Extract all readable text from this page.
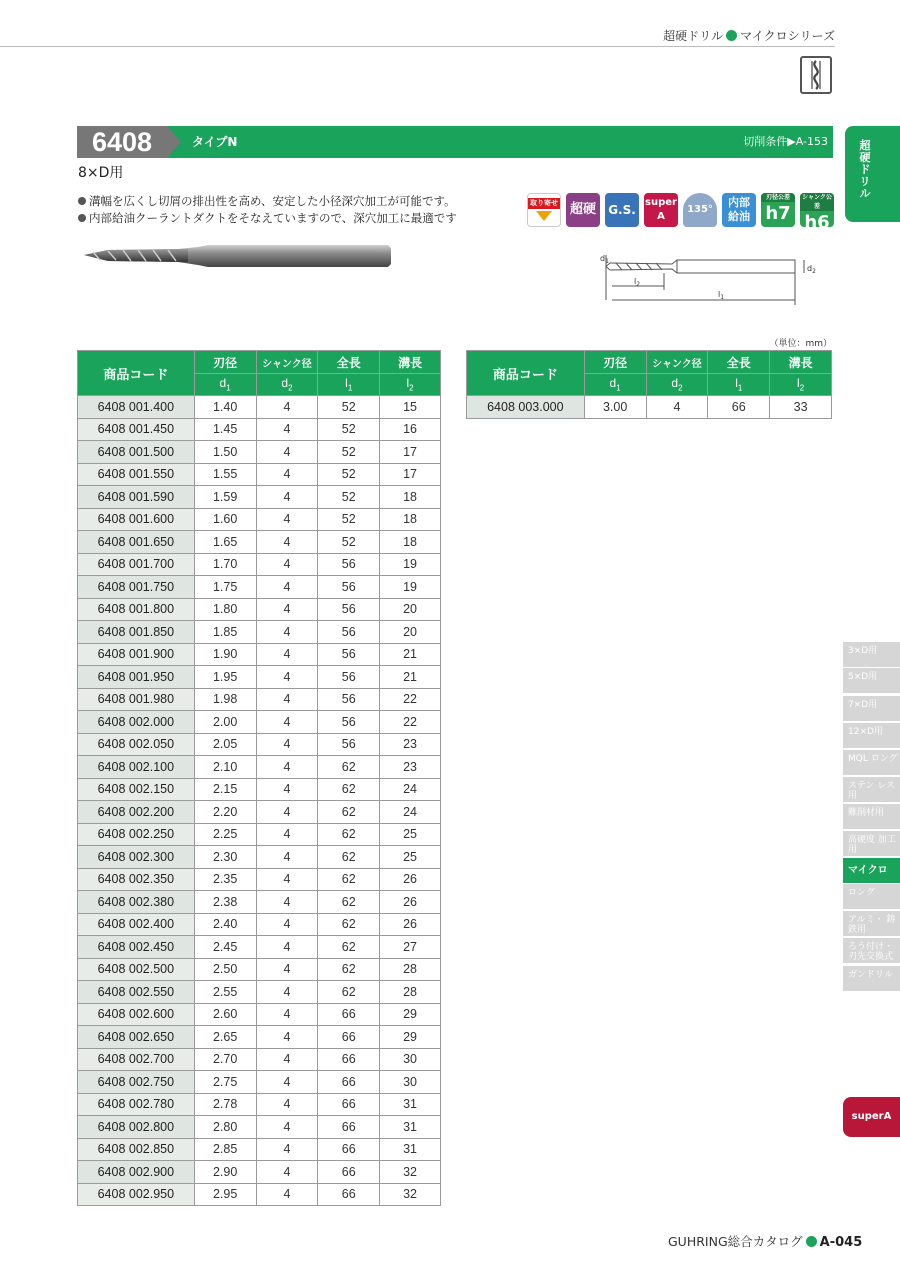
超硬ドリル マイクロシリーズ
6408	タイプN	切削条件▶A-153
8×D用
溝幅を広くし切屑の排出性を高め、安定した小径深穴加工が可能です。
内部給油クーラントダクトをそなえていますので、深穴加工に最適です
取り寄せ 超硬	G.S.
super A
135°
内部 給油
刃径公差
h7
シャンク公差
h6
$d_1$
$d_2$
$l_2$
$l_1$
（単位：mm）
商品コード	刃径	シャンク径	全長	溝長
	$d_1$	$d_2$	$l_1$	$l_2$
6408 001.400	1.40	4	52	15
6408 001.450	1.45	4	52	16
6408 001.500	1.50	4	52	17
6408 001.550	1.55	4	52	17
6408 001.590	1.59	4	52	18
6408 001.600	1.60	4	52	18
6408 001.650	1.65	4	52	18
6408 001.700	1.70	4	56	19
6408 001.750	1.75	4	56	19
6408 001.800	1.80	4	56	20
6408 001.850	1.85	4	56	20
6408 001.900	1.90	4	56	21
6408 001.950	1.95	4	56	21
6408 001.980	1.98	4	56	22
6408 002.000	2.00	4	56	22
6408 002.050	2.05	4	56	23
6408 002.100	2.10	4	62	23
6408 002.150	2.15	4	62	24
6408 002.200	2.20	4	62	24
6408 002.250	2.25	4	62	25
6408 002.300	2.30	4	62	25
6408 002.350	2.35	4	62	26
6408 002.380	2.38	4	62	26
6408 002.400	2.40	4	62	26
6408 002.450	2.45	4	62	27
6408 002.500	2.50	4	62	28
6408 002.550	2.55	4	62	28
6408 002.600	2.60	4	66	29
6408 002.650	2.65	4	66	29
6408 002.700	2.70	4	66	30
6408 002.750	2.75	4	66	30
6408 002.780	2.78	4	66	31
6408 002.800	2.80	4	66	31
6408 002.850	2.85	4	66	31
6408 002.900	2.90	4	66	32
6408 002.950	2.95	4	66	32
商品コード	刃径	シャンク径	全長	溝長
	$d_1$	$d_2$	$l_1$	$l_2$
6408 003.000	3.00	4	66	33
超硬ドリル
3×D用
5×D用
7×D用
12×D用
MQL ロング
ステン レス用
難削材用
高硬度 加工用
マイクロ
ロング
アルミ・ 鋳鉄用
ろう付け・ 刃先交換式
ガンドリル
superA
GUHRING総合カタログ A-045
